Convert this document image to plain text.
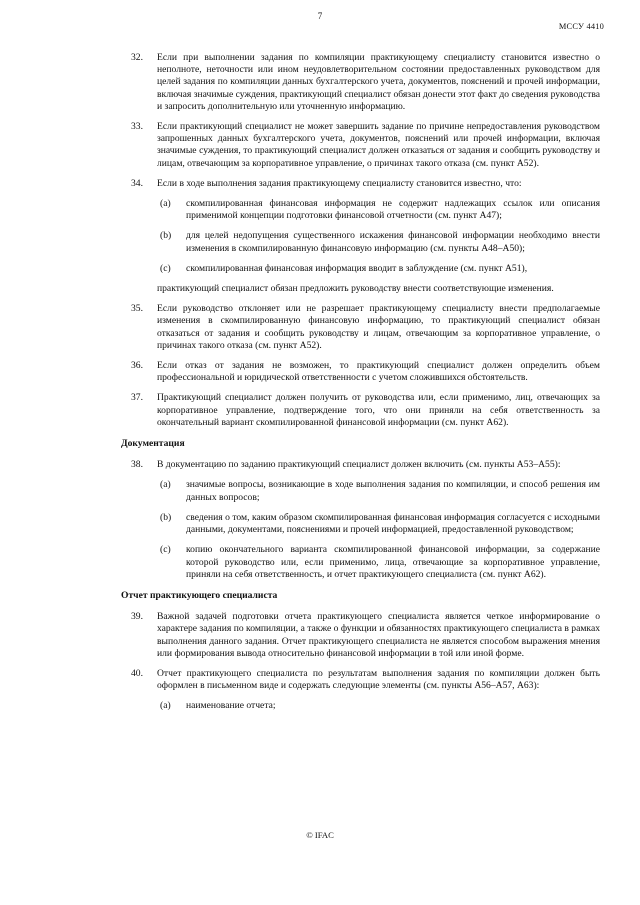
7
МССУ 4410
32. Если при выполнении задания по компиляции практикующему специалисту становится известно о неполноте, неточности или ином неудовлетворительном состоянии предоставленных руководством для целей задания по компиляции данных бухгалтерского учета, документов, пояснений и прочей информации, включая значимые суждения, практикующий специалист обязан донести этот факт до сведения руководства и запросить дополнительную или уточненную информацию.
33. Если практикующий специалист не может завершить задание по причине непредоставления руководством запрошенных данных бухгалтерского учета, документов, пояснений или прочей информации, включая значимые суждения, то практикующий специалист должен отказаться от задания и сообщить руководству и лицам, отвечающим за корпоративное управление, о причинах такого отказа (см. пункт А52).
34. Если в ходе выполнения задания практикующему специалисту становится известно, что:
(a) скомпилированная финансовая информация не содержит надлежащих ссылок или описания применимой концепции подготовки финансовой отчетности (см. пункт А47);
(b) для целей недопущения существенного искажения финансовой информации необходимо внести изменения в скомпилированную финансовую информацию (см. пункты А48–А50);
(c) скомпилированная финансовая информация вводит в заблуждение (см. пункт А51),
практикующий специалист обязан предложить руководству внести соответствующие изменения.
35. Если руководство отклоняет или не разрешает практикующему специалисту внести предполагаемые изменения в скомпилированную финансовую информацию, то практикующий специалист обязан отказаться от задания и сообщить руководству и лицам, отвечающим за корпоративное управление, о причинах такого отказа (см. пункт А52).
36. Если отказ от задания не возможен, то практикующий специалист должен определить объем профессиональной и юридической ответственности с учетом сложившихся обстоятельств.
37. Практикующий специалист должен получить от руководства или, если применимо, лиц, отвечающих за корпоративное управление, подтверждение того, что они приняли на себя ответственность за окончательный вариант скомпилированной финансовой информации (см. пункт А62).
Документация
38. В документацию по заданию практикующий специалист должен включить (см. пункты А53–А55):
(a) значимые вопросы, возникающие в ходе выполнения задания по компиляции, и способ решения им данных вопросов;
(b) сведения о том, каким образом скомпилированная финансовая информация согласуется с исходными данными, документами, пояснениями и прочей информацией, предоставленной руководством;
(c) копию окончательного варианта скомпилированной финансовой информации, за содержание которой руководство или, если применимо, лица, отвечающие за корпоративное управление, приняли на себя ответственность, и отчет практикующего специалиста (см. пункт А62).
Отчет практикующего специалиста
39. Важной задачей подготовки отчета практикующего специалиста является четкое информирование о характере задания по компиляции, а также о функции и обязанностях практикующего специалиста в рамках выполнения данного задания. Отчет практикующего специалиста не является способом выражения мнения или формирования вывода относительно финансовой информации в той или иной форме.
40. Отчет практикующего специалиста по результатам выполнения задания по компиляции должен быть оформлен в письменном виде и содержать следующие элементы (см. пункты А56–А57, А63):
(a) наименование отчета;
© IFAC
